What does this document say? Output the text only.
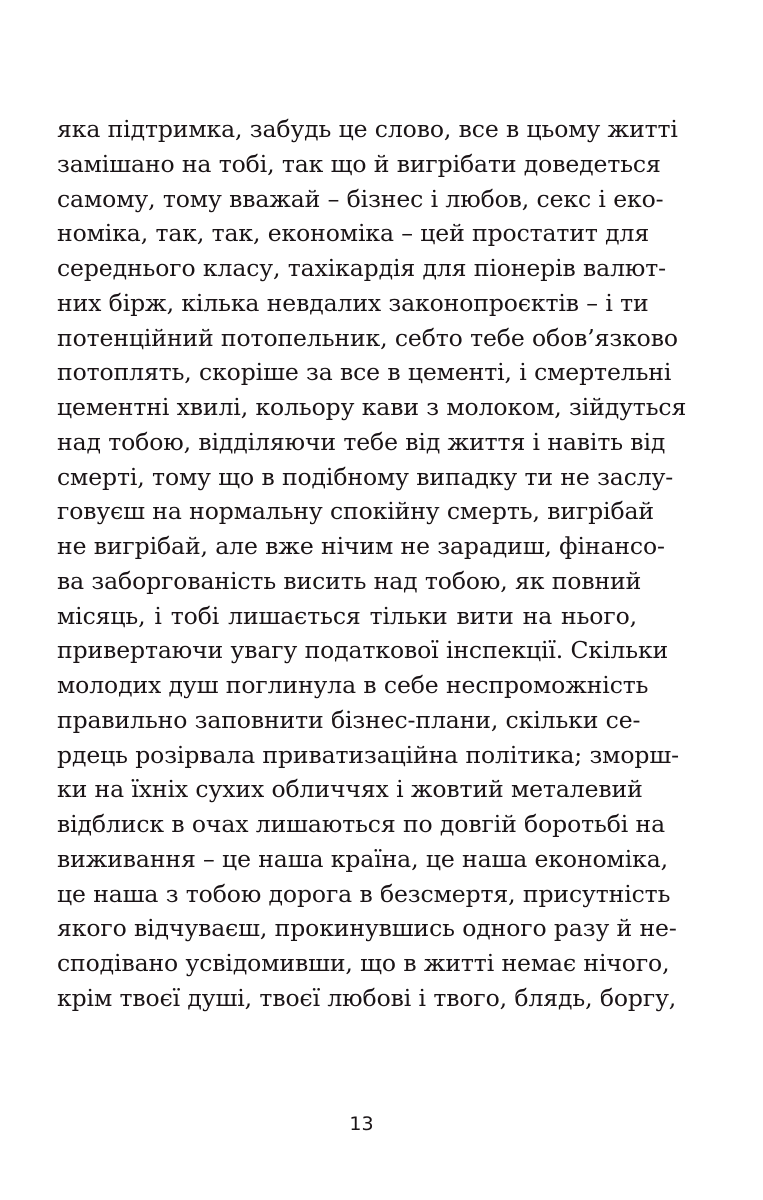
яка підтримка, забудь це слово, все в цьому житті
замішано на тобі, так що й вигрібати доведеться
самому, тому вважай – бізнес і любов, секс і еко-
номіка, так, так, економіка – цей простатит для
середнього класу, тахікардія для піонерів валют-
них бірж, кілька невдалих законопроєктів – і ти
потенційний потопельник, себто тебе обов’язково
потоплять, скоріше за все в цементі, і смертельні
цементні хвилі, кольору кави з молоком, зійдуться
над тобою, відділяючи тебе від життя і навіть від
смерті, тому що в подібному випадку ти не заслу-
говуєш на нормальну спокійну смерть, вигрібай
не вигрібай, але вже нічим не зарадиш, фінансо-
ва заборгованість висить над тобою, як повний
місяць, і тобі лишається тільки вити на нього,
привертаючи увагу податкової інспекції. Скільки
молодих душ поглинула в себе неспроможність
правильно заповнити бізнес-плани, скільки се-
рдець розірвала приватизаційна політика; зморш-
ки на їхніх сухих обличчях і жовтий металевий
відблиск в очах лишаються по довгій боротьбі на
виживання – це наша країна, це наша економіка,
це наша з тобою дорога в безсмертя, присутність
якого відчуваєш, прокинувшись одного разу й не-
сподівано усвідомивши, що в житті немає нічого,
крім твоєї душі, твоєї любові і твого, блядь, боргу,
13
